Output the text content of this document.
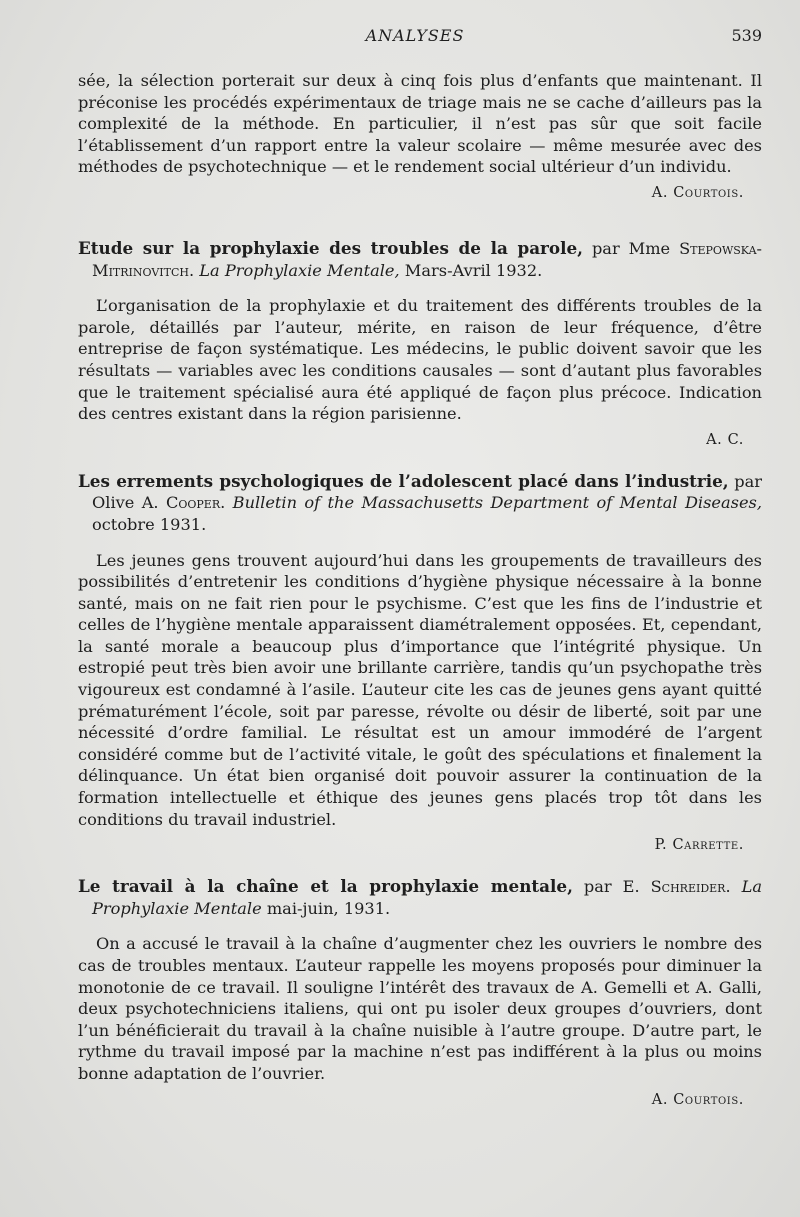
ANALYSES	539

sée, la sélection porterait sur deux à cinq fois plus d’enfants que maintenant. Il préconise les procédés expérimentaux de triage mais ne se cache d’ailleurs pas la complexité de la méthode. En particulier, il n’est pas sûr que soit facile l’établissement d’un rapport entre la valeur scolaire — même mesurée avec des méthodes de psychotechnique — et le rendement social ultérieur d’un individu.

A. Courtois.

Etude sur la prophylaxie des troubles de la parole, par Mme Stepowska-Mitrinovitch. La Prophylaxie Mentale, Mars-Avril 1932.

L’organisation de la prophylaxie et du traitement des différents troubles de la parole, détaillés par l’auteur, mérite, en raison de leur fréquence, d’être entreprise de façon systématique. Les médecins, le public doivent savoir que les résultats — variables avec les conditions causales — sont d’autant plus favorables que le traitement spécialisé aura été appliqué de façon plus précoce. Indication des centres existant dans la région parisienne.

A. C.

Les errements psychologiques de l’adolescent placé dans l’industrie, par Olive A. Cooper. Bulletin of the Massachusetts Department of Mental Diseases, octobre 1931.

Les jeunes gens trouvent aujourd’hui dans les groupements de travailleurs des possibilités d’entretenir les conditions d’hygiène physique nécessaire à la bonne santé, mais on ne fait rien pour le psychisme. C’est que les fins de l’industrie et celles de l’hygiène mentale apparaissent diamétralement opposées. Et, cependant, la santé morale a beaucoup plus d’importance que l’intégrité physique. Un estropié peut très bien avoir une brillante carrière, tandis qu’un psychopathe très vigoureux est condamné à l’asile. L’auteur cite les cas de jeunes gens ayant quitté prématurément l’école, soit par paresse, révolte ou désir de liberté, soit par une nécessité d’ordre familial. Le résultat est un amour immodéré de l’argent considéré comme but de l’activité vitale, le goût des spéculations et finalement la délinquance. Un état bien organisé doit pouvoir assurer la continuation de la formation intellectuelle et éthique des jeunes gens placés trop tôt dans les conditions du travail industriel.

P. Carrette.

Le travail à la chaîne et la prophylaxie mentale, par E. Schreider. La Prophylaxie Mentale mai-juin, 1931.

On a accusé le travail à la chaîne d’augmenter chez les ouvriers le nombre des cas de troubles mentaux. L’auteur rappelle les moyens proposés pour diminuer la monotonie de ce travail. Il souligne l’intérêt des travaux de A. Gemelli et A. Galli, deux psychotechniciens italiens, qui ont pu isoler deux groupes d’ouvriers, dont l’un bénéficierait du travail à la chaîne nuisible à l’autre groupe. D’autre part, le rythme du travail imposé par la machine n’est pas indifférent à la plus ou moins bonne adaptation de l’ouvrier.

A. Courtois.
